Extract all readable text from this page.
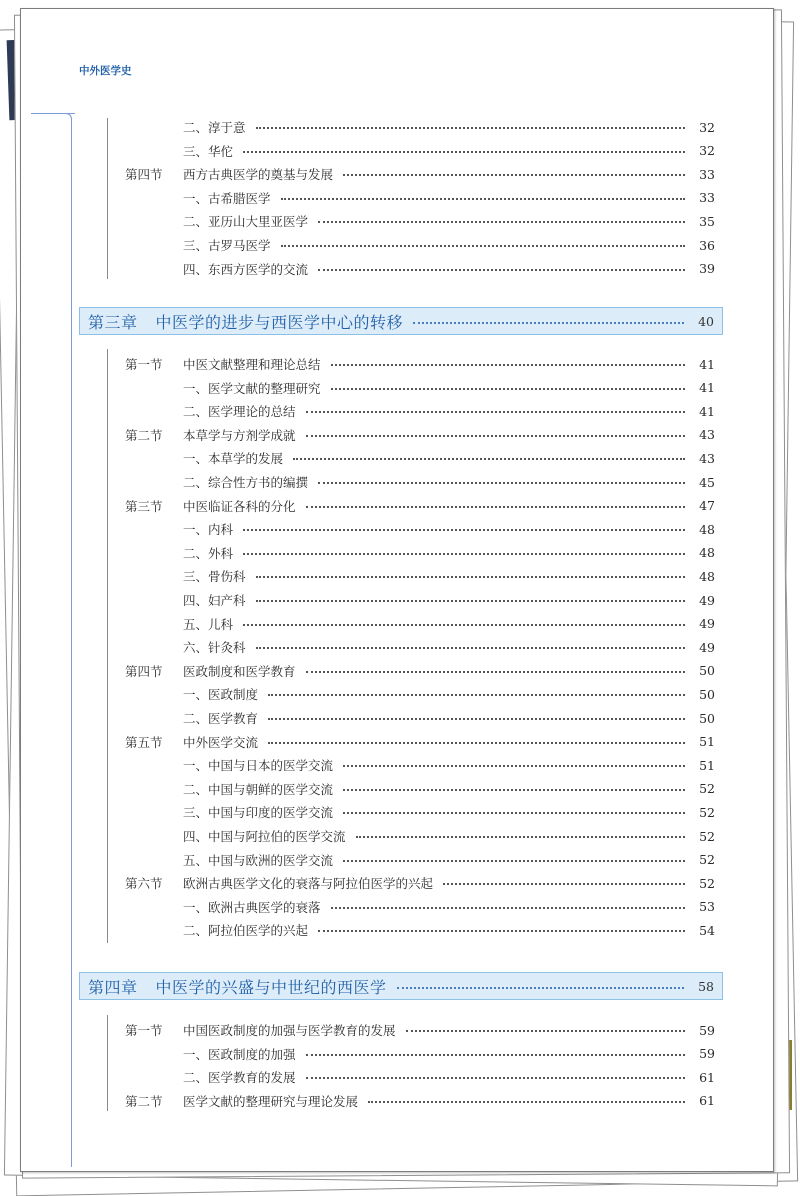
中外医学史
二、淳于意	32
三、华佗	32
第四节	西方古典医学的奠基与发展	33
一、古希腊医学	33
二、亚历山大里亚医学	35
三、古罗马医学	36
四、东西方医学的交流	39
第三章 中医学的进步与西医学中心的转移	40
第一节	中医文献整理和理论总结	41
一、医学文献的整理研究	41
二、医学理论的总结	41
第二节	本草学与方剂学成就	43
一、本草学的发展	43
二、综合性方书的编撰	45
第三节	中医临证各科的分化	47
一、内科	48
二、外科	48
三、骨伤科	48
四、妇产科	49
五、儿科	49
六、针灸科	49
第四节	医政制度和医学教育	50
一、医政制度	50
二、医学教育	50
第五节	中外医学交流	51
一、中国与日本的医学交流	51
二、中国与朝鲜的医学交流	52
三、中国与印度的医学交流	52
四、中国与阿拉伯的医学交流	52
五、中国与欧洲的医学交流	52
第六节	欧洲古典医学文化的衰落与阿拉伯医学的兴起	52
一、欧洲古典医学的衰落	53
二、阿拉伯医学的兴起	54
第四章 中医学的兴盛与中世纪的西医学	58
第一节	中国医政制度的加强与医学教育的发展	59
一、医政制度的加强	59
二、医学教育的发展	61
第二节	医学文献的整理研究与理论发展	61
